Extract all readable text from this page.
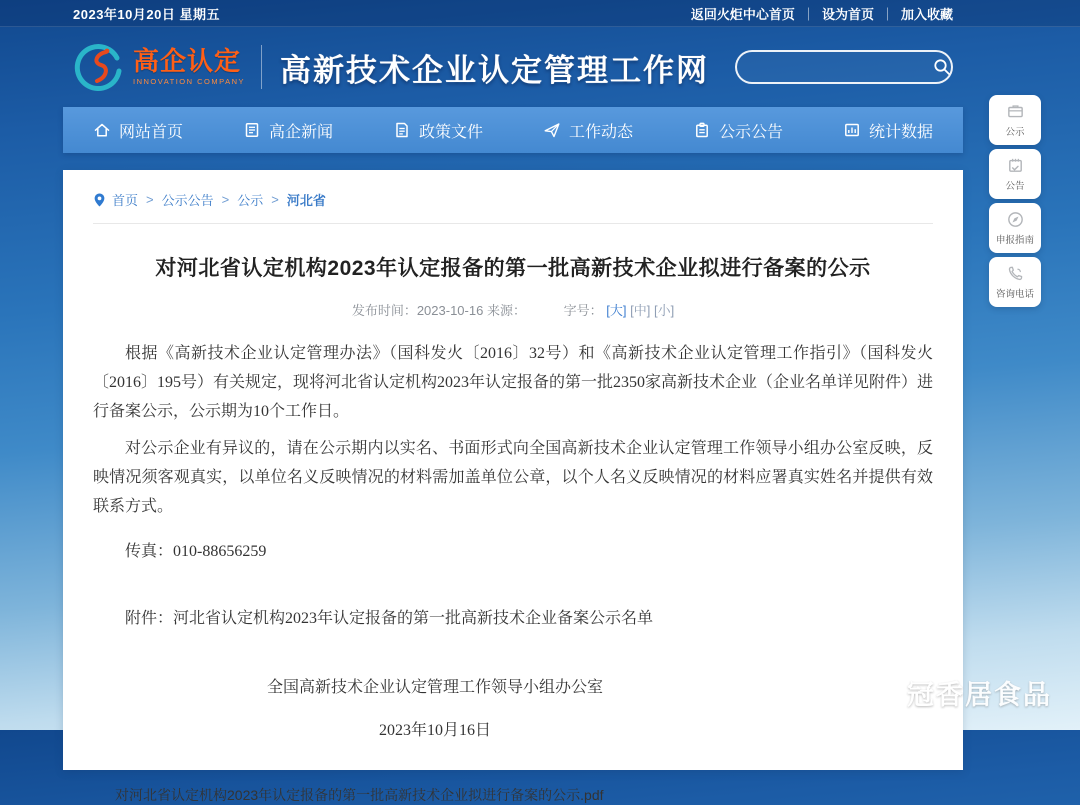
2023年10月20日 星期五	返回火炬中心首页 ｜ 设为首页 ｜ 加入收藏
高企认定
INNOVATION COMPANY 高新技术企业认定管理工作网
网站首页	高企新闻	政策文件	工作动态	公示公告	统计数据	公示
公告
申报指南
咨询电话
首页 > 公示公告 > 公示 > 河北省
对河北省认定机构2023年认定报备的第一批高新技术企业拟进行备案的公示
发布时间：2023-10-16 来源：	字号： [大] [中] [小]

根据《高新技术企业认定管理办法》（国科发火〔2016〕32号）和《高新技术企业认定管理工作指引》（国科发火〔2016〕195号）有关规定，现将河北省认定机构2023年认定报备的第一批2350家高新技术企业（企业名单详见附件）进行备案公示，公示期为10个工作日。

对公示企业有异议的，请在公示期内以实名、书面形式向全国高新技术企业认定管理工作领导小组办公室反映，反映情况须客观真实，以单位名义反映情况的材料需加盖单位公章，以个人名义反映情况的材料应署真实姓名并提供有效联系方式。

传真：010-88656259
附件：河北省认定机构2023年认定报备的第一批高新技术企业备案公示名单
全国高新技术企业认定管理工作领导小组办公室
2023年10月16日
对河北省认定机构2023年认定报备的第一批高新技术企业拟进行备案的公示.pdf
冠香居食品
